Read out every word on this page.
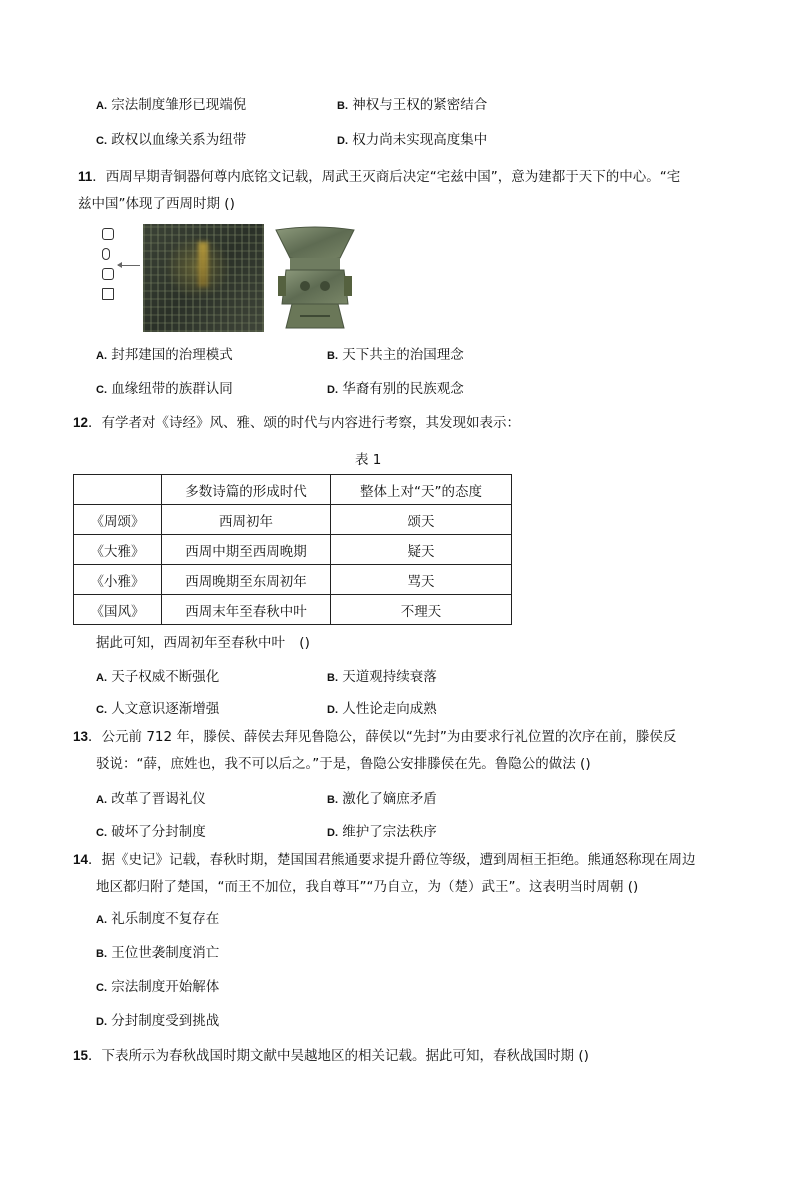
A. 宗法制度雏形已现端倪	B. 神权与王权的紧密结合
C. 政权以血缘关系为纽带	D. 权力尚未实现高度集中
11．西周早期青铜器何尊内底铭文记载，周武王灭商后决定“宅兹中国”，意为建都于天下的中心。“宅
兹中国”体现了西周时期 ()
A. 封邦建国的治理模式	B. 天下共主的治国理念
C. 血缘纽带的族群认同	D. 华裔有别的民族观念
12．有学者对《诗经》风、雅、颂的时代与内容进行考察，其发现如表示：
表 1
	多数诗篇的形成时代	整体上对“天”的态度
《周颂》	西周初年	颂天
《大雅》	西周中期至西周晚期	疑天
《小雅》	西周晚期至东周初年	骂天
《国风》	西周末年至春秋中叶	不理天
据此可知，西周初年至春秋中叶 ()
A. 天子权威不断强化	B. 天道观持续衰落
C. 人文意识逐渐增强	D. 人性论走向成熟
13．公元前 712 年，滕侯、薛侯去拜见鲁隐公，薛侯以“先封”为由要求行礼位置的次序在前，滕侯反
驳说：“薛，庶姓也，我不可以后之。”于是，鲁隐公安排滕侯在先。鲁隐公的做法 ()
A. 改革了晋谒礼仪	B. 激化了嫡庶矛盾
C. 破坏了分封制度	D. 维护了宗法秩序
14．据《史记》记载，春秋时期，楚国国君熊通要求提升爵位等级，遭到周桓王拒绝。熊通怒称现在周边
地区都归附了楚国，“而王不加位，我自尊耳”“乃自立，为（楚）武王”。这表明当时周朝 ()
A. 礼乐制度不复存在
B. 王位世袭制度消亡
C. 宗法制度开始解体
D. 分封制度受到挑战
15．下表所示为春秋战国时期文献中吴越地区的相关记载。据此可知，春秋战国时期 ()
